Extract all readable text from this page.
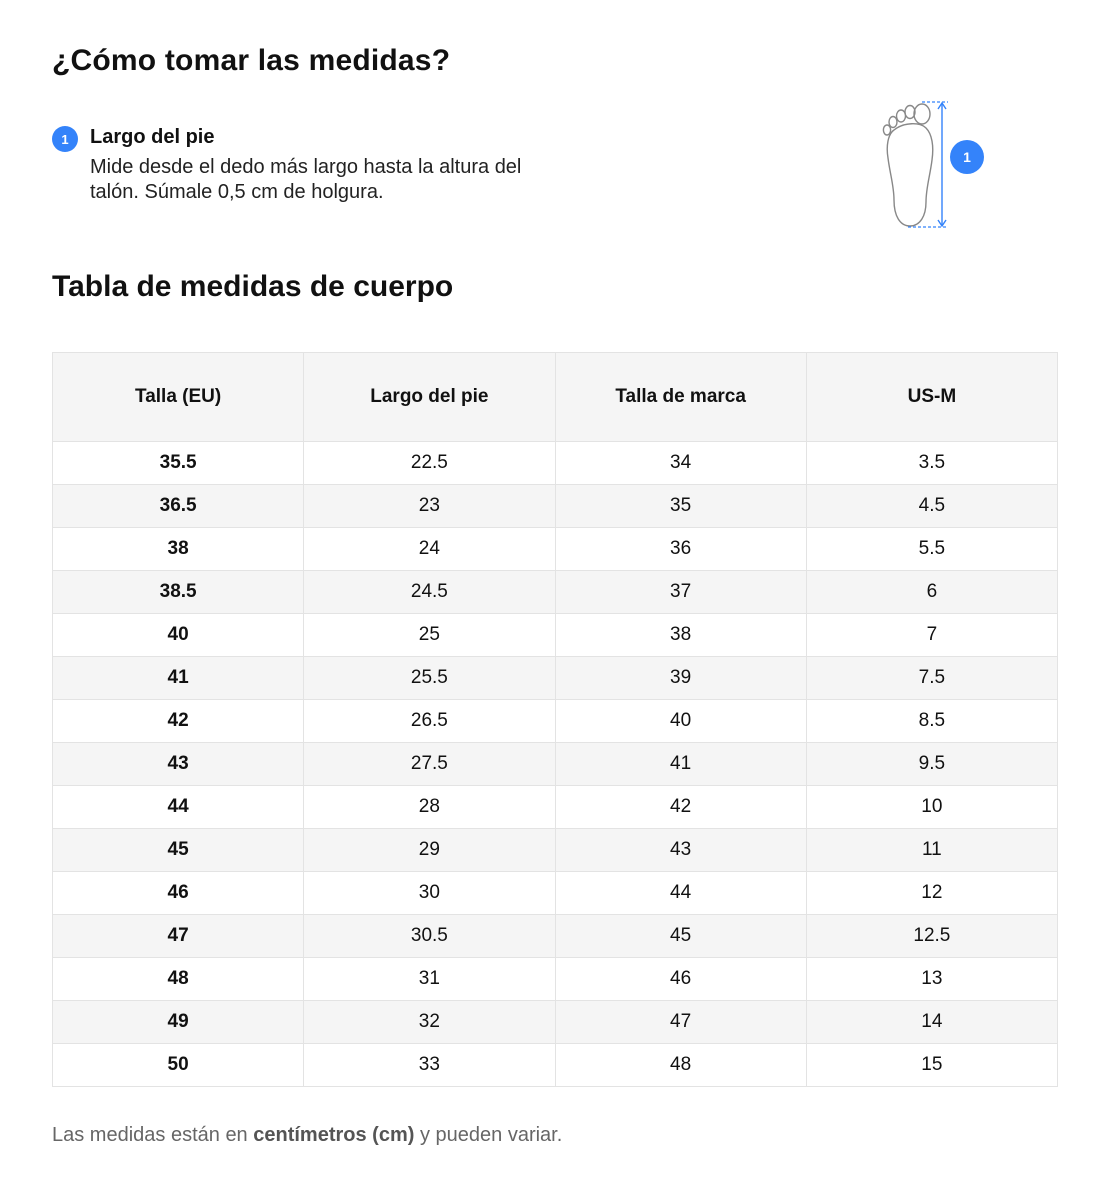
¿Cómo tomar las medidas?
1	Largo del pie
Mide desde el dedo más largo hasta la altura del talón. Súmale 0,5 cm de holgura.
1
Tabla de medidas de cuerpo
Talla (EU)	Largo del pie	Talla de marca	US-M
35.5	22.5	34	3.5
36.5	23	35	4.5
38	24	36	5.5
38.5	24.5	37	6
40	25	38	7
41	25.5	39	7.5
42	26.5	40	8.5
43	27.5	41	9.5
44	28	42	10
45	29	43	11
46	30	44	12
47	30.5	45	12.5
48	31	46	13
49	32	47	14
50	33	48	15
Las medidas están en centímetros (cm) y pueden variar.
